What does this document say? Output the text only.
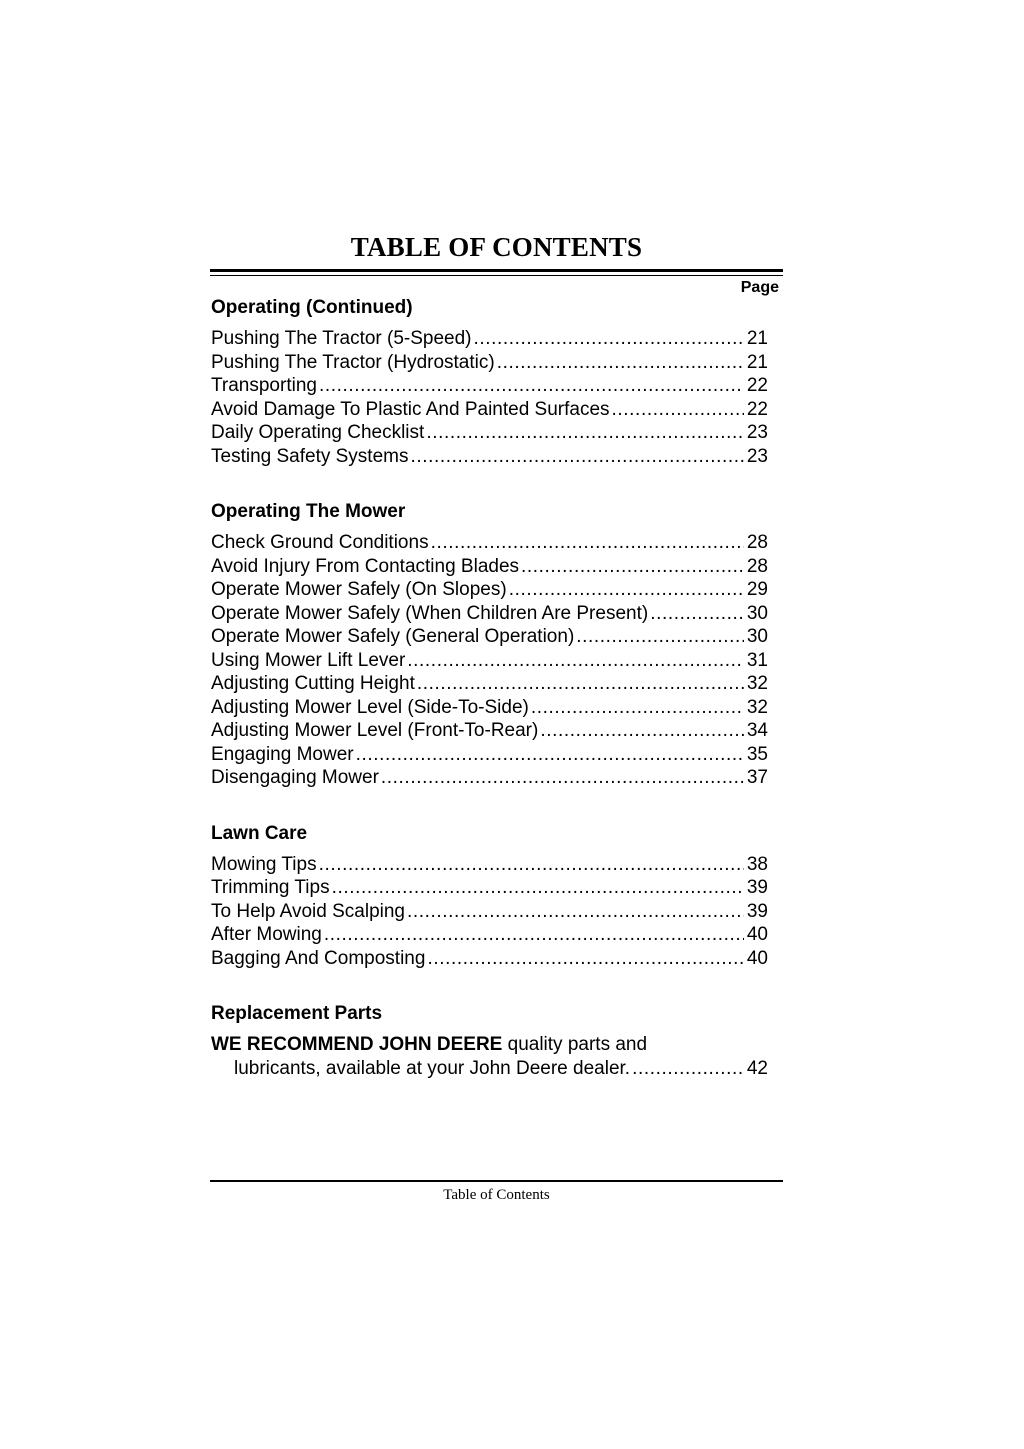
TABLE OF CONTENTS
Page
Operating (Continued)
Pushing The Tractor (5-Speed) .....	21
Pushing The Tractor (Hydrostatic) .....	21
Transporting .....	22
Avoid Damage To Plastic And Painted Surfaces .....	22
Daily Operating Checklist .....	23
Testing Safety Systems .....	23
Operating The Mower
Check Ground Conditions .....	28
Avoid Injury From Contacting Blades .....	28
Operate Mower Safely (On Slopes) .....	29
Operate Mower Safely (When Children Are Present) .....	30
Operate Mower Safely (General Operation) .....	30
Using Mower Lift Lever .....	31
Adjusting Cutting Height .....	32
Adjusting Mower Level (Side-To-Side) .....	32
Adjusting Mower Level (Front-To-Rear) .....	34
Engaging Mower .....	35
Disengaging Mower .....	37
Lawn Care
Mowing Tips .....	38
Trimming Tips .....	39
To Help Avoid Scalping .....	39
After Mowing .....	40
Bagging And Composting .....	40
Replacement Parts
WE RECOMMEND JOHN DEERE quality parts and
lubricants, available at your John Deere dealer. .....	42
Table of Contents
